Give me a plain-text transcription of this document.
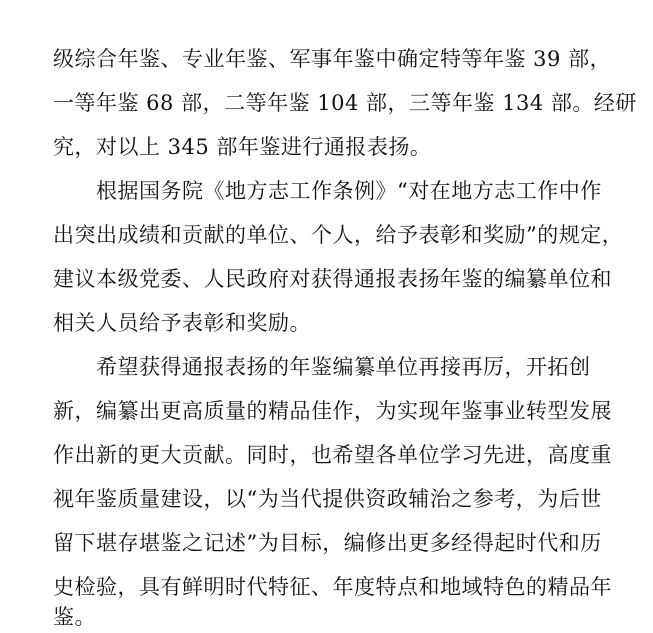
级综合年鉴、专业年鉴、军事年鉴中确定特等年鉴 39 部，
一等年鉴 68 部，二等年鉴 104 部，三等年鉴 134 部。经研
究，对以上 345 部年鉴进行通报表扬。
根据国务院《地方志工作条例》“对在地方志工作中作
出突出成绩和贡献的单位、个人，给予表彰和奖励”的规定，
建议本级党委、人民政府对获得通报表扬年鉴的编纂单位和
相关人员给予表彰和奖励。
希望获得通报表扬的年鉴编纂单位再接再厉，开拓创
新，编纂出更高质量的精品佳作，为实现年鉴事业转型发展
作出新的更大贡献。同时，也希望各单位学习先进，高度重
视年鉴质量建设，以“为当代提供资政辅治之参考，为后世
留下堪存堪鉴之记述”为目标，编修出更多经得起时代和历
史检验，具有鲜明时代特征、年度特点和地域特色的精品年
鉴。
